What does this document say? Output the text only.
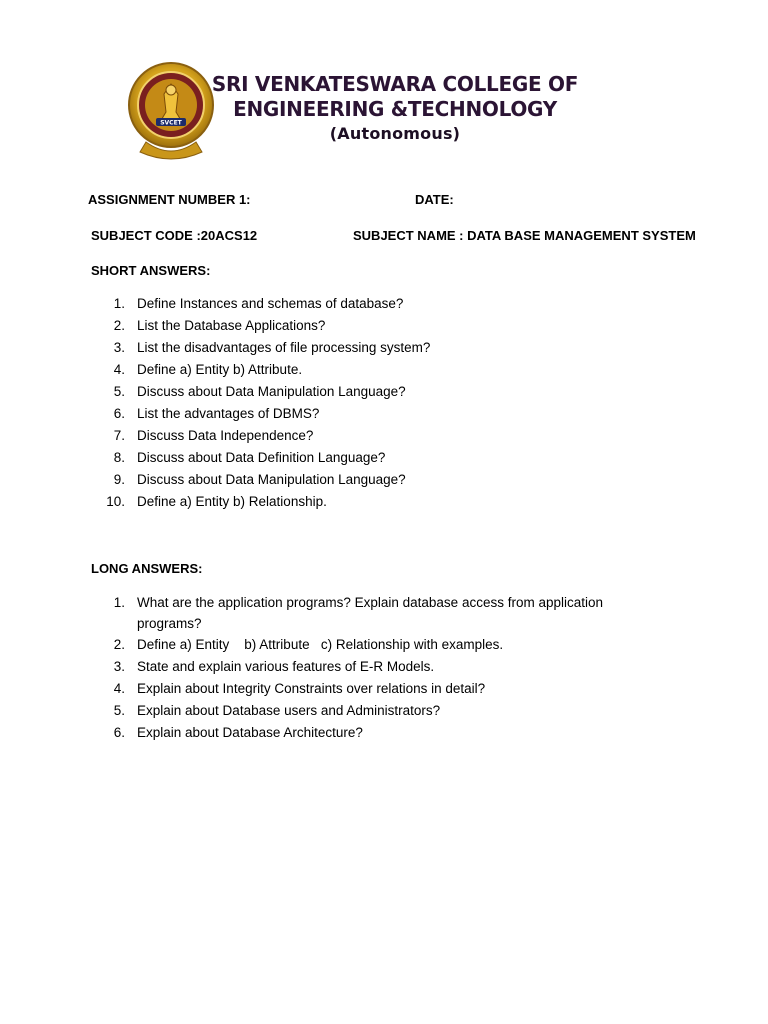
SVCET
SRI VENKATESWARA COLLEGE OF
ENGINEERING &TECHNOLOGY
(Autonomous)
ASSIGNMENT NUMBER 1:	DATE:
SUBJECT CODE :20ACS12	SUBJECT NAME : DATA BASE MANAGEMENT SYSTEM
SHORT ANSWERS:
1. Define Instances and schemas of database?
2. List the Database Applications?
3. List the disadvantages of file processing system?
4. Define a) Entity b) Attribute.
5. Discuss about Data Manipulation Language?
6. List the advantages of DBMS?
7. Discuss Data Independence?
8. Discuss about Data Definition Language?
9. Discuss about Data Manipulation Language?
10. Define a) Entity b) Relationship.
LONG ANSWERS:
1. What are the application programs? Explain database access from application programs?
2. Define a) Entity    b) Attribute   c) Relationship with examples.
3. State and explain various features of E-R Models.
4. Explain about Integrity Constraints over relations in detail?
5. Explain about Database users and Administrators?
6. Explain about Database Architecture?
